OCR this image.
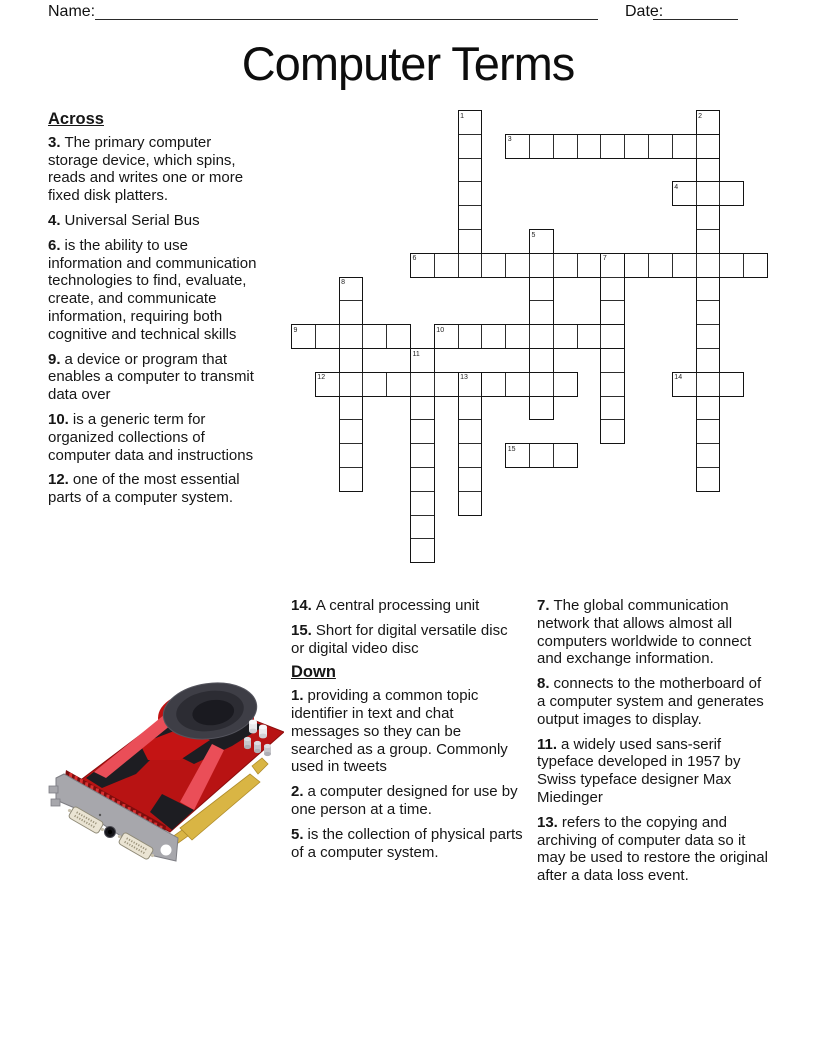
Name:	Date:
Computer Terms
1	2
3
4
5
6	7
8
9	10
11
12	13	14
15
Across
3. The primary computer storage device, which spins, reads and writes one or more fixed disk platters.
4. Universal Serial Bus
6. is the ability to use information and communication technologies to find, evaluate, create, and communicate information, requiring both cognitive and technical skills
9. a device or program that enables a computer to transmit data over
10. is a generic term for organized collections of computer data and instructions
12. one of the most essential parts of a computer system.
14. A central processing unit
15. Short for digital versatile disc or digital video disc
Down
1. providing a common topic identifier in text and chat messages so they can be searched as a group. Commonly used in tweets
2. a computer designed for use by one person at a time.
5. is the collection of physical parts of a computer system.
7. The global communication network that allows almost all computers worldwide to connect and exchange information.
8. connects to the motherboard of a computer system and generates output images to display.
11. a widely used sans-serif typeface developed in 1957 by Swiss typeface designer Max Miedinger
13. refers to the copying and archiving of computer data so it may be used to restore the original after a data loss event.
